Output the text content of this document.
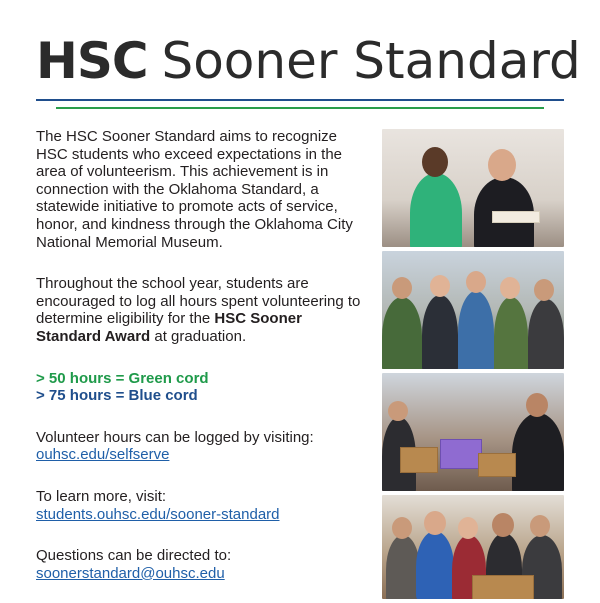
HSC Sooner Standard

The HSC Sooner Standard aims to recognize HSC students who exceed expectations in the area of volunteerism. This achievement is in connection with the Oklahoma Standard, a statewide initiative to promote acts of service, honor, and kindness through the Oklahoma City National Memorial Museum.

Throughout the school year, students are encouraged to log all hours spent volunteering to determine eligibility for the HSC Sooner Standard Award at graduation.

> 50 hours = Green cord
> 75 hours = Blue cord

Volunteer hours can be logged by visiting:
ouhsc.edu/selfserve

To learn more, visit:
students.ouhsc.edu/sooner-standard

Questions can be directed to:
soonerstandard@ouhsc.edu
